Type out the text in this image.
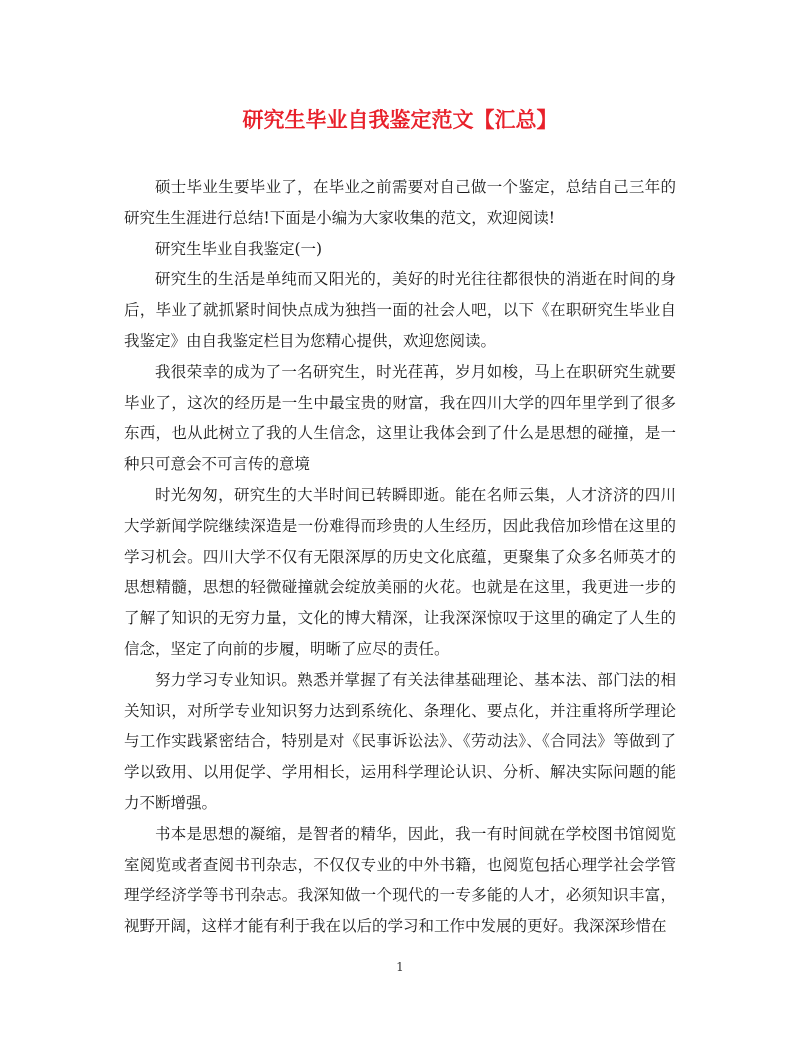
研究生毕业自我鉴定范文【汇总】

硕士毕业生要毕业了，在毕业之前需要对自己做一个鉴定，总结自己三年的研究生生涯进行总结!下面是小编为大家收集的范文，欢迎阅读!

研究生毕业自我鉴定(一)

研究生的生活是单纯而又阳光的，美好的时光往往都很快的消逝在时间的身后，毕业了就抓紧时间快点成为独挡一面的社会人吧，以下《在职研究生毕业自我鉴定》由自我鉴定栏目为您精心提供，欢迎您阅读。

我很荣幸的成为了一名研究生，时光荏苒，岁月如梭，马上在职研究生就要毕业了，这次的经历是一生中最宝贵的财富，我在四川大学的四年里学到了很多东西，也从此树立了我的人生信念，这里让我体会到了什么是思想的碰撞，是一种只可意会不可言传的意境

时光匆匆，研究生的大半时间已转瞬即逝。能在名师云集，人才济济的四川大学新闻学院继续深造是一份难得而珍贵的人生经历，因此我倍加珍惜在这里的学习机会。四川大学不仅有无限深厚的历史文化底蕴，更聚集了众多名师英才的思想精髓，思想的轻微碰撞就会绽放美丽的火花。也就是在这里，我更进一步的了解了知识的无穷力量，文化的博大精深，让我深深惊叹于这里的确定了人生的信念，坚定了向前的步履，明晰了应尽的责任。

努力学习专业知识。熟悉并掌握了有关法律基础理论、基本法、部门法的相关知识，对所学专业知识努力达到系统化、条理化、要点化，并注重将所学理论与工作实践紧密结合，特别是对《民事诉讼法》、《劳动法》、《合同法》等做到了学以致用、以用促学、学用相长，运用科学理论认识、分析、解决实际问题的能力不断增强。

书本是思想的凝缩，是智者的精华，因此，我一有时间就在学校图书馆阅览室阅览或者查阅书刊杂志，不仅仅专业的中外书籍，也阅览包括心理学社会学管理学经济学等书刊杂志。我深知做一个现代的一专多能的人才，必须知识丰富，视野开阔，这样才能有利于我在以后的学习和工作中发展的更好。我深深珍惜在

1
